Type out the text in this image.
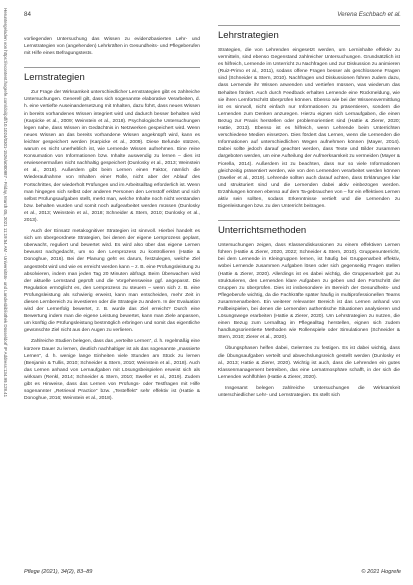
Heruntergeladen von https://econtent.hogrefe.com/doi/pdf/10.1024/0301-1526/a000987 - Friday, March 05, 2021 11:19:54 AM - Universitäts- und Landesbibliothek Düsseldorf IP Address:134.99.128.41	84	Verena Eschbach et al.

vorliegenden Untersuchung das Wissen zu evidenzbasierten Lehr- und Lernstrategien von (angehenden) Lehrkräften in Gesundheits- und Pflegeberufen mit Hilfe eines Befragungstests.

Lernstrategien

Zur Frage der Wirksamkeit unterschiedlicher Lernstrategien gibt es zahlreiche Untersuchungen. Generell gilt, dass sich sogenannte elaborative Verarbeiten, d. h. eine vertiefte Auseinandersetzung mit Inhalten, dazu führt, dass neues Wissen in bereits vorhandenes Wissen integriert wird und dadurch besser behalten wird (Karpicke et al., 2009; Weinstein et al., 2018). Psychologische Untersuchungen legen nahe, dass Wissen im Gedächtnis in Netzwerken gespeichert wird. Wenn neues Wissen an das bereits vorhandene Wissen angeknüpft wird, kann es leichter gespeichert werden (Karpicke et al., 2009). Diese Befunde stützen, warum es nicht unerheblich ist, wie Lernende Wissen aufnehmen. Eine reine Konsumation von Informationen bzw. Inhalte auswendig zu lernen – dies ist erwiesenermaßen nicht nachhaltig gespeichert (Dunlosky et al., 2013; Weinstein et al., 2018). Außerdem gibt beim Lernen einen Faktor, nämlich die Wiederaufnahme von Inhalten einer Rolle, nicht aber der Ablauf des Fortschrittes, der wiederholt Prüfungen und im Arbeitsalltag erforderlich ist. Wenn man hingegen sich selbst oder anderen Personen den Lernstoff erklärt und sich selbst Prüfungsaufgaben stellt, merkt man, welche Inhalte noch nicht verstanden bzw. behalten wurden und somit noch aufgearbeitet werden müssen (Dunlosky et al., 2013; Weinstein et al., 2018; Schneider & Stern, 2010; Dunlosky et al., 2013).

Auch der Einsatz metakognitiver Strategien ist sinnvoll. Hierbei handelt es sich um übergeordnete Strategien, bei denen der eigene Lernprozess geplant, überwacht, reguliert und bewertet wird. Es wird also über das eigene Lernen bewusst nachgedacht, um so den Lernprozess zu kontrollieren (Hattie & Donoghue, 2016). Bei der Planung geht es darum, festzulegen, welche Ziel angestrebt wird und wie es erreicht werden kann – z. B. eine Prüfungsleistung zu absolvieren, indem man jeden Tag 20 Minuten abfragt. Beim Überwachen wird der aktuelle Lernstand geprüft und die Vorgehensweise ggf. angepasst. Die Regulation ermöglicht es, den Lernprozess zu steuern – wenn sich z. B. eine Prüfungsleistung als schwierig erweist, kann man entscheiden, mehr Zeit in diesen Lernbereich zu investieren oder die Strategie zu ändern. In der Evaluation wird der Lernerfolg bewertet, z. B. wurde das Ziel erreicht? Durch eine Bewertung indem man die eigene Leistung bewertet, kann man Ziele anpassen, um künftig die Prüfungsleistung bestmöglich erbringen und somit das eigentliche gewünschte Ziel nicht aus den Augen zu verlieren.

Zahlreiche Studien belegen, dass das „verteilte Lernen“, d. h. regelmäßig eine kürzere Dauer zu lernen, deutlich nachhaltiger ist als das sogenannte „massierte Lernen“, d. h. wenige lange Einheiten viele Stunden am Stück zu lernen (Benjamin & Tullis, 2010; Schneider & Stern, 2010; Weinstein et al., 2018). Auch das Lernen anhand von Lernaufgaben mit Lösungsbeispielen erweist sich als wirksam (Renkl, 2014; Schneider & Stern, 2010; Sweller et al., 2019). Zudem gibt es Hinweise, dass das Lernen von Prüfungs- oder Testfragen mit Hilfe sogenannter „Retrieval Practice“ bzw. „Testeffekt“ sehr effektiv ist (Hattie & Donoghue, 2016; Weinstein et al., 2018).

Lehrstrategien

Strategien, die von Lehrenden eingesetzt werden, um Lerninhalte effektiv zu vermitteln, sind ebenso Gegenstand zahlreicher Untersuchungen. Grundsätzlich ist es hilfreich, Lernende im Unterricht zu Nachfragen und zur Diskussion zu animieren (Ruiz-Primo et al., 2011), sodass offene Fragen besser als geschlossene Fragen sind (Schneider & Stern, 2010). Nachfragen und Diskussionen führen zudem dazu, dass Lernende ihr Wissen anwenden und vertiefen müssen, was wiederum das Behalten fördert. Auch durch Feedback erhalten Lernende eine Rückmeldung, wie sie ihren Lernfortschritt überprüfen können. Ebenso wie bei der Wissensvermittlung ist es sinnvoll, nicht einfach nur Informationen zu präsentieren, sondern die Lernenden zum Denken anzuregen. Hierzu eignen sich Lernaufgaben, die einen Bezug zur Praxis herstellen oder problemorientiert sind (Hattie & Zierer, 2020; Hattie, 2013). Ebenso ist es hilfreich, wenn Lehrende beim Unterrichten verschiedene Medien einsetzen. Dies fördert das Lernen, wenn die Lernenden die Informationen auf unterschiedlichen Wegen aufnehmen können (Mayer, 2014). Dabei sollte jedoch darauf geachtet werden, dass Texte und Bilder zusammen dargeboten werden, um eine Aufteilung der Aufmerksamkeit zu vermeiden (Mayer & Fiorella, 2014). Außerdem ist zu beachten, dass nur so viele Informationen gleichzeitig präsentiert werden, wie von den Lernenden verarbeitet werden können (Sweller et al., 2019). Lehrende sollten auch darauf achten, dass Erklärungen klar und strukturiert sind und die Lernenden dabei aktiv einbezogen werden. Erzählungen können ebenso auf dem Ta-gebrauchen von – für ein effektives Lernen aktiv sein sollten, sodass Erkenntnisse vertieft und die Lernenden zu Eigenleistungen bzw. zu den Unterricht beitragen.

Unterrichtsmethoden

Untersuchungen zeigen, dass Klassendiskussionen zu einem effektiven Lernen führen (Hattie & Zierer, 2020, 2022; Schneider & Stern, 2010). Gruppenunterricht, bei dem Lernende in Kleingruppen lernen, ist häufig bei Gruppenarbeit effektiv, wobei Lernende zusammen Aufgaben lösen oder sich gegenseitig Fragen stellen (Hattie & Zierer, 2020). Allerdings ist es dabei wichtig, die Gruppenarbeit gut zu strukturieren, den Lernenden klare Aufgaben zu geben und den Fortschritt der Gruppen zu überprüfen. Dies ist insbesondere im Bereich der Gesundheits- und Pflegeberufe wichtig, da die Fachkräfte später häufig in multiprofessionellen Teams zusammenarbeiten. Ein weiterer relevanter Bereich ist das Lernen anhand von Fallbeispielen, bei denen die Lernenden authentische Situationen analysieren und Lösungswege erarbeiten (Hattie & Zierer, 2020). Um Lehrstrategien zu nutzen, die einen Bezug zum Lernalltag im Pflegealltag herstellen, eignen sich zudem handlungsorientierte Methoden wie Rollenspiele oder Simulationen (Schneider & Stern, 2010; Zierer et al., 2020).

Übungsphasen helfen dabei, Gelerntes zu festigen. Es ist dabei wichtig, dass die Übungsaufgaben verteilt und abwechslungsreich gestellt werden (Dunlosky et al., 2013; Hattie & Zierer, 2020). Wichtig ist auch, dass die Lehrenden ein gutes Klassenmanagement betreiben, das eine Lernatmosphäre schafft, in der sich die Lernenden wohlfühlen (Hattie & Zierer, 2020).

Insgesamt belegen zahlreiche Untersuchungen die Wirksamkeit unterschiedlicher Lehr- und Lernstrategien. Es stellt sich

Pflege (2021), 34(2), 83–89	© 2021 Hogrefe
